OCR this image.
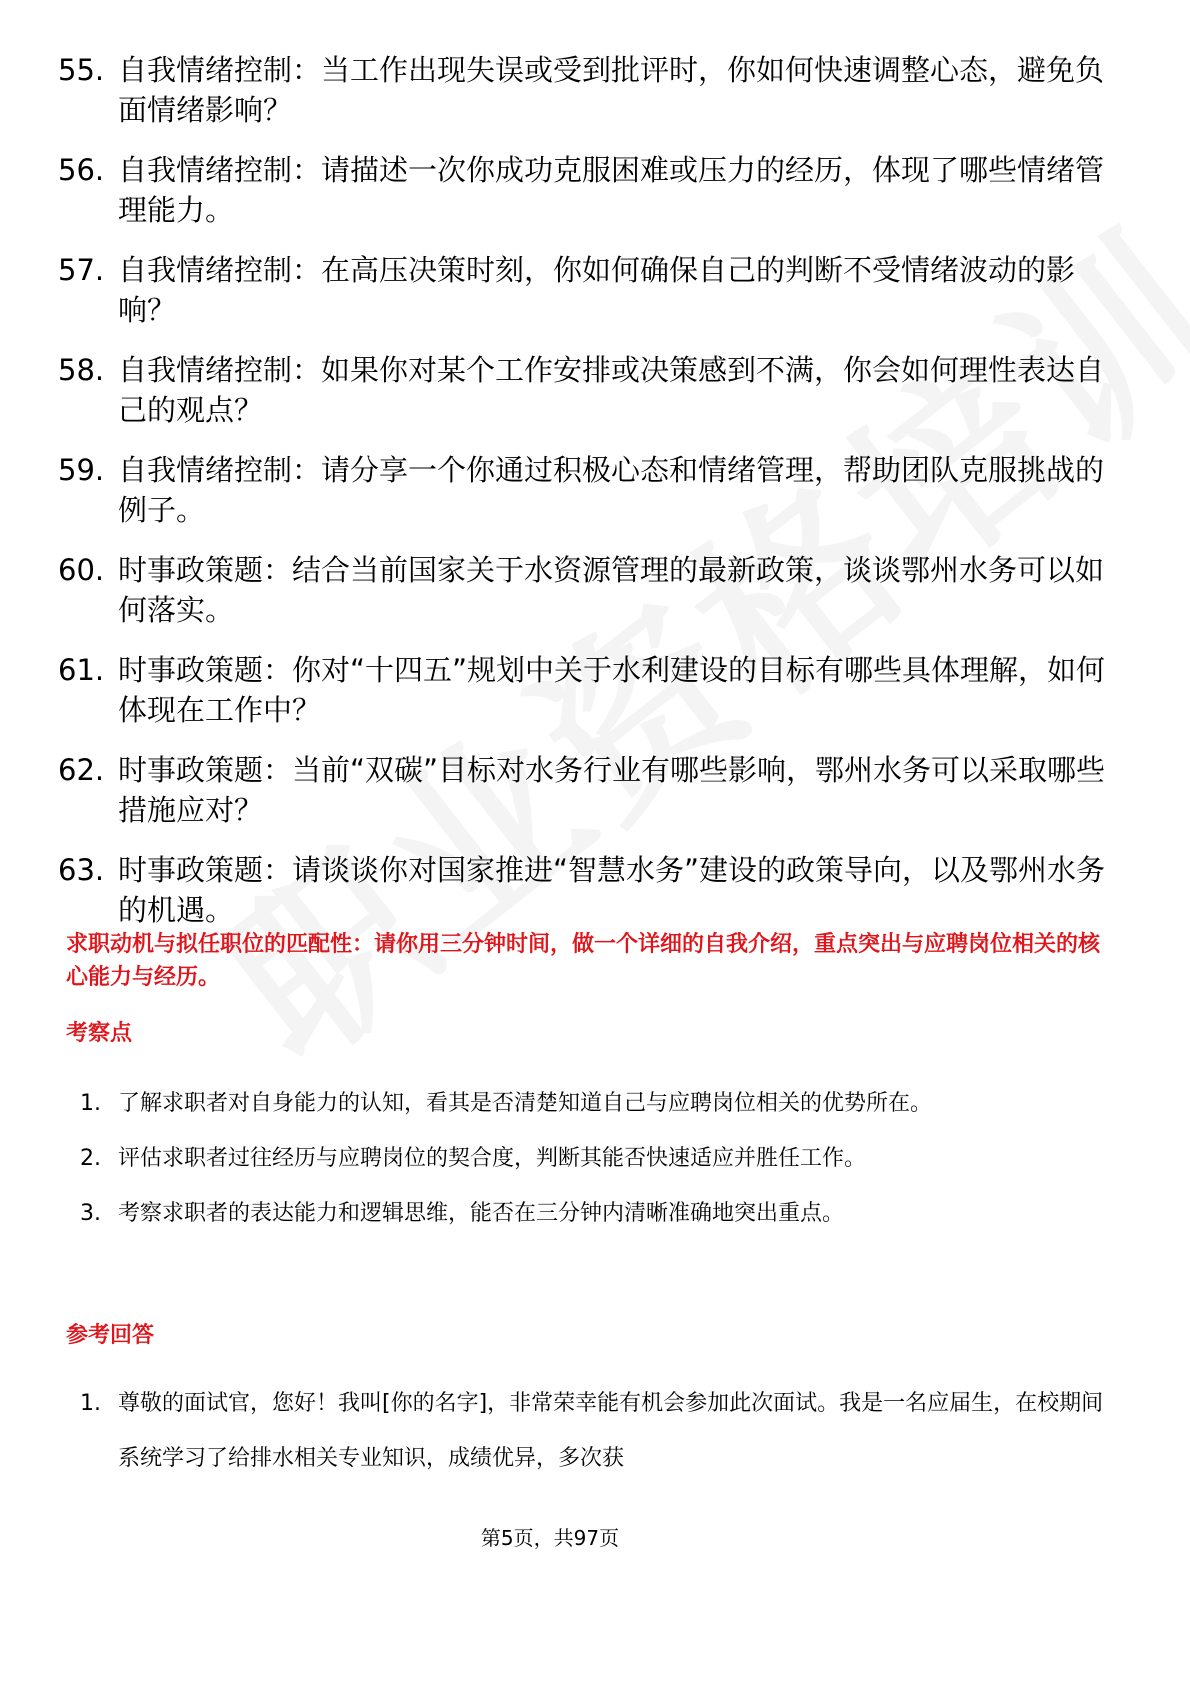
55. 自我情绪控制：当工作出现失误或受到批评时，你如何快速调整心态，避免负面情绪影响？
56. 自我情绪控制：请描述一次你成功克服困难或压力的经历，体现了哪些情绪管理能力。
57. 自我情绪控制：在高压决策时刻，你如何确保自己的判断不受情绪波动的影响？
58. 自我情绪控制：如果你对某个工作安排或决策感到不满，你会如何理性表达自己的观点？
59. 自我情绪控制：请分享一个你通过积极心态和情绪管理，帮助团队克服挑战的例子。
60. 时事政策题：结合当前国家关于水资源管理的最新政策，谈谈鄂州水务可以如何落实。
61. 时事政策题：你对“十四五”规划中关于水利建设的目标有哪些具体理解，如何体现在工作中？
62. 时事政策题：当前“双碳”目标对水务行业有哪些影响，鄂州水务可以采取哪些措施应对？
63. 时事政策题：请谈谈你对国家推进“智慧水务”建设的政策导向，以及鄂州水务的机遇。
求职动机与拟任职位的匹配性：请你用三分钟时间，做一个详细的自我介绍，重点突出与应聘岗位相关的核心能力与经历。
考察点
1. 了解求职者对自身能力的认知，看其是否清楚知道自己与应聘岗位相关的优势所在。
2. 评估求职者过往经历与应聘岗位的契合度，判断其能否快速适应并胜任工作。
3. 考察求职者的表达能力和逻辑思维，能否在三分钟内清晰准确地突出重点。
参考回答
1. 尊敬的面试官，您好！我叫[你的名字]，非常荣幸能有机会参加此次面试。我是一名应届生，在校期间系统学习了给排水相关专业知识，成绩优异，多次获
第5页，共97页
